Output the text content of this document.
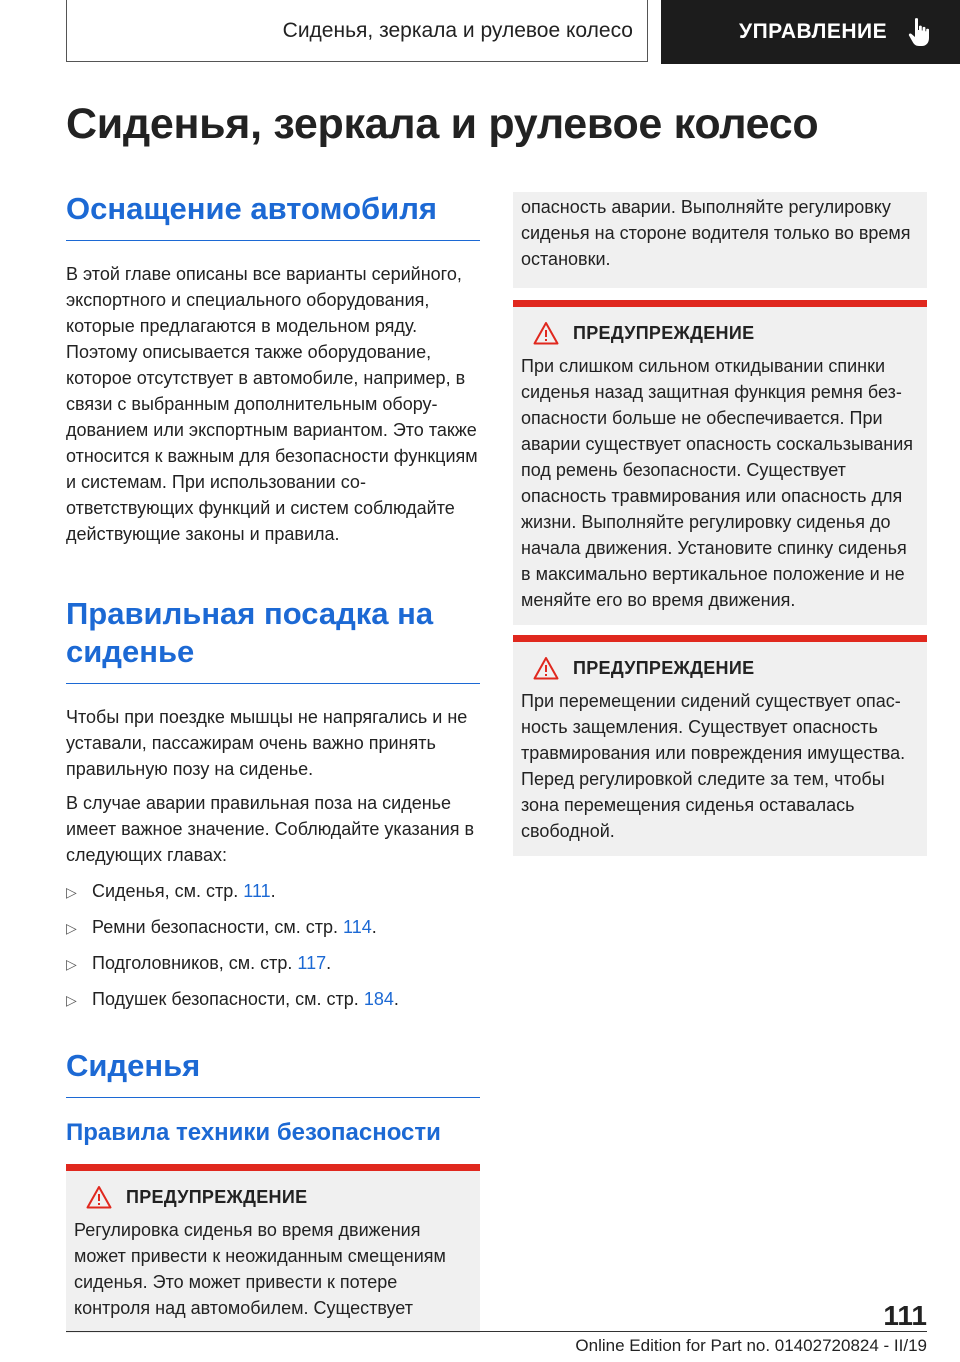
Сиденья, зеркала и рулевое колесо	УПРАВЛЕНИЕ
Сиденья, зеркала и рулевое колесо
Оснащение автомобиля

В этой главе описаны все варианты серийного, экспортного и специального оборудования, которые предлагаются в модельном ряду. Поэтому описывается также оборудование, которое отсутствует в автомобиле, например, в связи с выбранным дополнительным оборудованием или экспортным вариантом. Это также относится к важным для безопасности функциям и системам. При использовании соответствующих функций и систем соблюдайте действующие законы и правила.

Правильная посадка на сиденье

Чтобы при поездке мышцы не напрягались и не уставали, пассажирам очень важно принять правильную позу на сиденье.

В случае аварии правильная поза на сиденье имеет важное значение. Соблюдайте указания в следующих главах:

▷ Сиденья, см. стр. 111.
▷ Ремни безопасности, см. стр. 114.
▷ Подголовников, см. стр. 117.
▷ Подушек безопасности, см. стр. 184.
Сиденья
Правила техники безопасности
ПРЕДУПРЕЖДЕНИЕ

Регулировка сиденья во время движения может привести к неожиданным смещениям сиденья. Это может привести к потере контроля над автомобилем. Существует

опасность аварии. Выполняйте регулировку сиденья на стороне водителя только во время остановки.

ПРЕДУПРЕЖДЕНИЕ

При слишком сильном откидывании спинки сиденья назад защитная функция ремня безопасности больше не обеспечивается. При аварии существует опасность соскальзывания под ремень безопасности. Существует опасность травмирования или опасность для жизни. Выполняйте регулировку сиденья до начала движения. Установите спинку сиденья в максимально вертикальное положение и не меняйте его во время движения.

ПРЕДУПРЕЖДЕНИЕ

При перемещении сидений существует опасность защемления. Существует опасность травмирования или повреждения имущества. Перед регулировкой следите за тем, чтобы зона перемещения сиденья оставалась свободной.

111
Online Edition for Part no. 01402720824 - II/19
